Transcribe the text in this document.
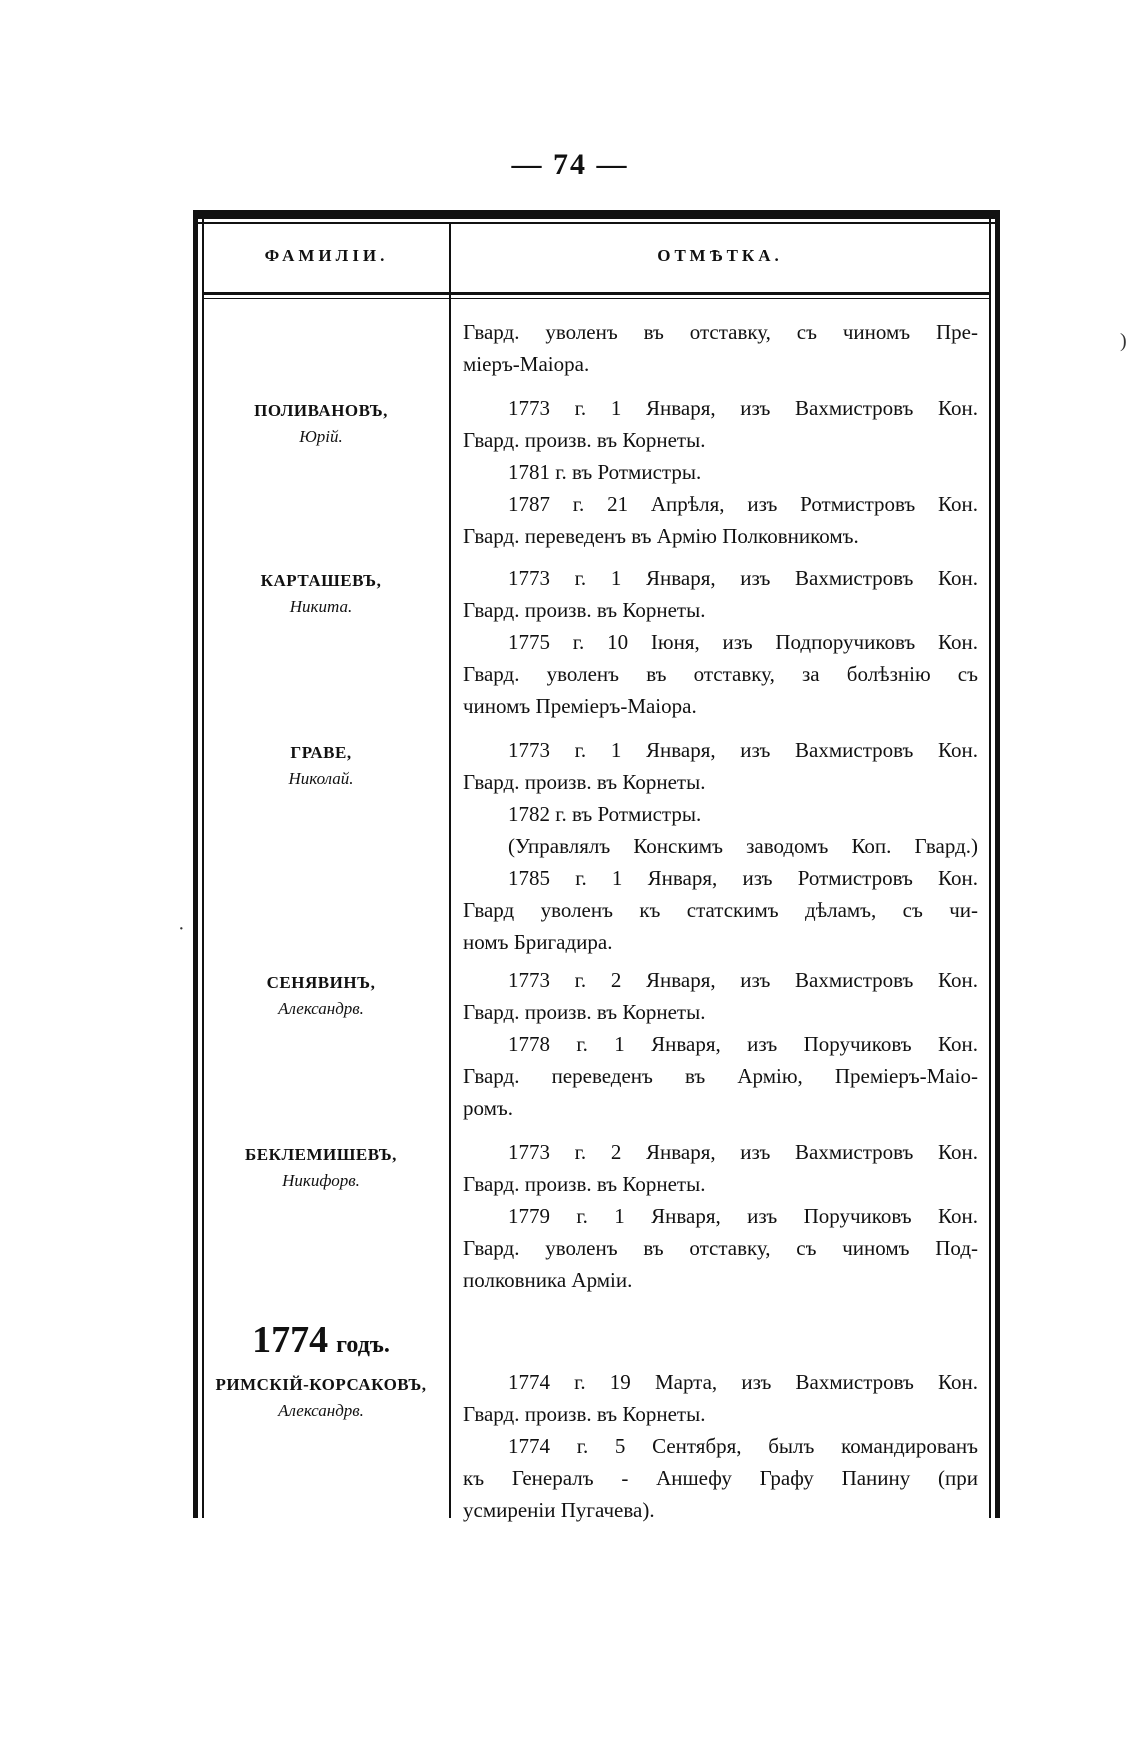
— 74 —
ФАМИЛІИ.	ОТМѢТКА.
ПОЛИВАНОВЪ,
Юрій.
КАРТАШЕВЪ,
Никита.
ГРАВЕ,
Николай.
СЕНЯВИНЪ,
Александрв.
БЕКЛЕМИШЕВЪ,
Никифорв.
РИМСКІЙ-КОРСАКОВЪ,
Александрв.
1774 годъ.
Гвард. уволенъ въ отставку, съ чиномъ Пре-
міеръ-Маіора.
1773 г. 1 Января, изъ Вахмистровъ Кон.
Гвард. произв. въ Корнеты.
1781 г. въ Ротмистры.
1787 г. 21 Апрѣля, изъ Ротмистровъ Кон.
Гвард. переведенъ въ Армію Полковникомъ.
1773 г. 1 Января, изъ Вахмистровъ Кон.
Гвард. произв. въ Корнеты.
1775 г. 10 Іюня, изъ Подпоручиковъ Кон.
Гвард. уволенъ въ отставку, за болѣзнію съ
чиномъ Премiеръ-Маiора.
1773 г. 1 Января, изъ Вахмистровъ Кон.
Гвард. произв. въ Корнеты.
1782 г. въ Ротмистры.
(Управлялъ Конскимъ заводомъ Коп. Гвард.)
1785 г. 1 Января, изъ Ротмистровъ Кон.
Гвард уволенъ къ статскимъ дѣламъ, съ чи-
номъ Бригадира.
1773 г. 2 Января, изъ Вахмистровъ Кон.
Гвард. произв. въ Корнеты.
1778 г. 1 Января, изъ Поручиковъ Кон.
Гвард. переведенъ въ Армію, Премiеръ-Маiо-
ромъ.
1773 г. 2 Января, изъ Вахмистровъ Кон.
Гвард. произв. въ Корнеты.
1779 г. 1 Января, изъ Поручиковъ Кон.
Гвард. уволенъ въ отставку, съ чиномъ Под-
полковника Арміи.
1774 г. 19 Марта, изъ Вахмистровъ Кон.
Гвард. произв. въ Корнеты.
1774 г. 5 Сентября, былъ командированъ
къ Генералъ - Аншефу Графу Панину (при
усмиренiи Пугачева).
)
·
